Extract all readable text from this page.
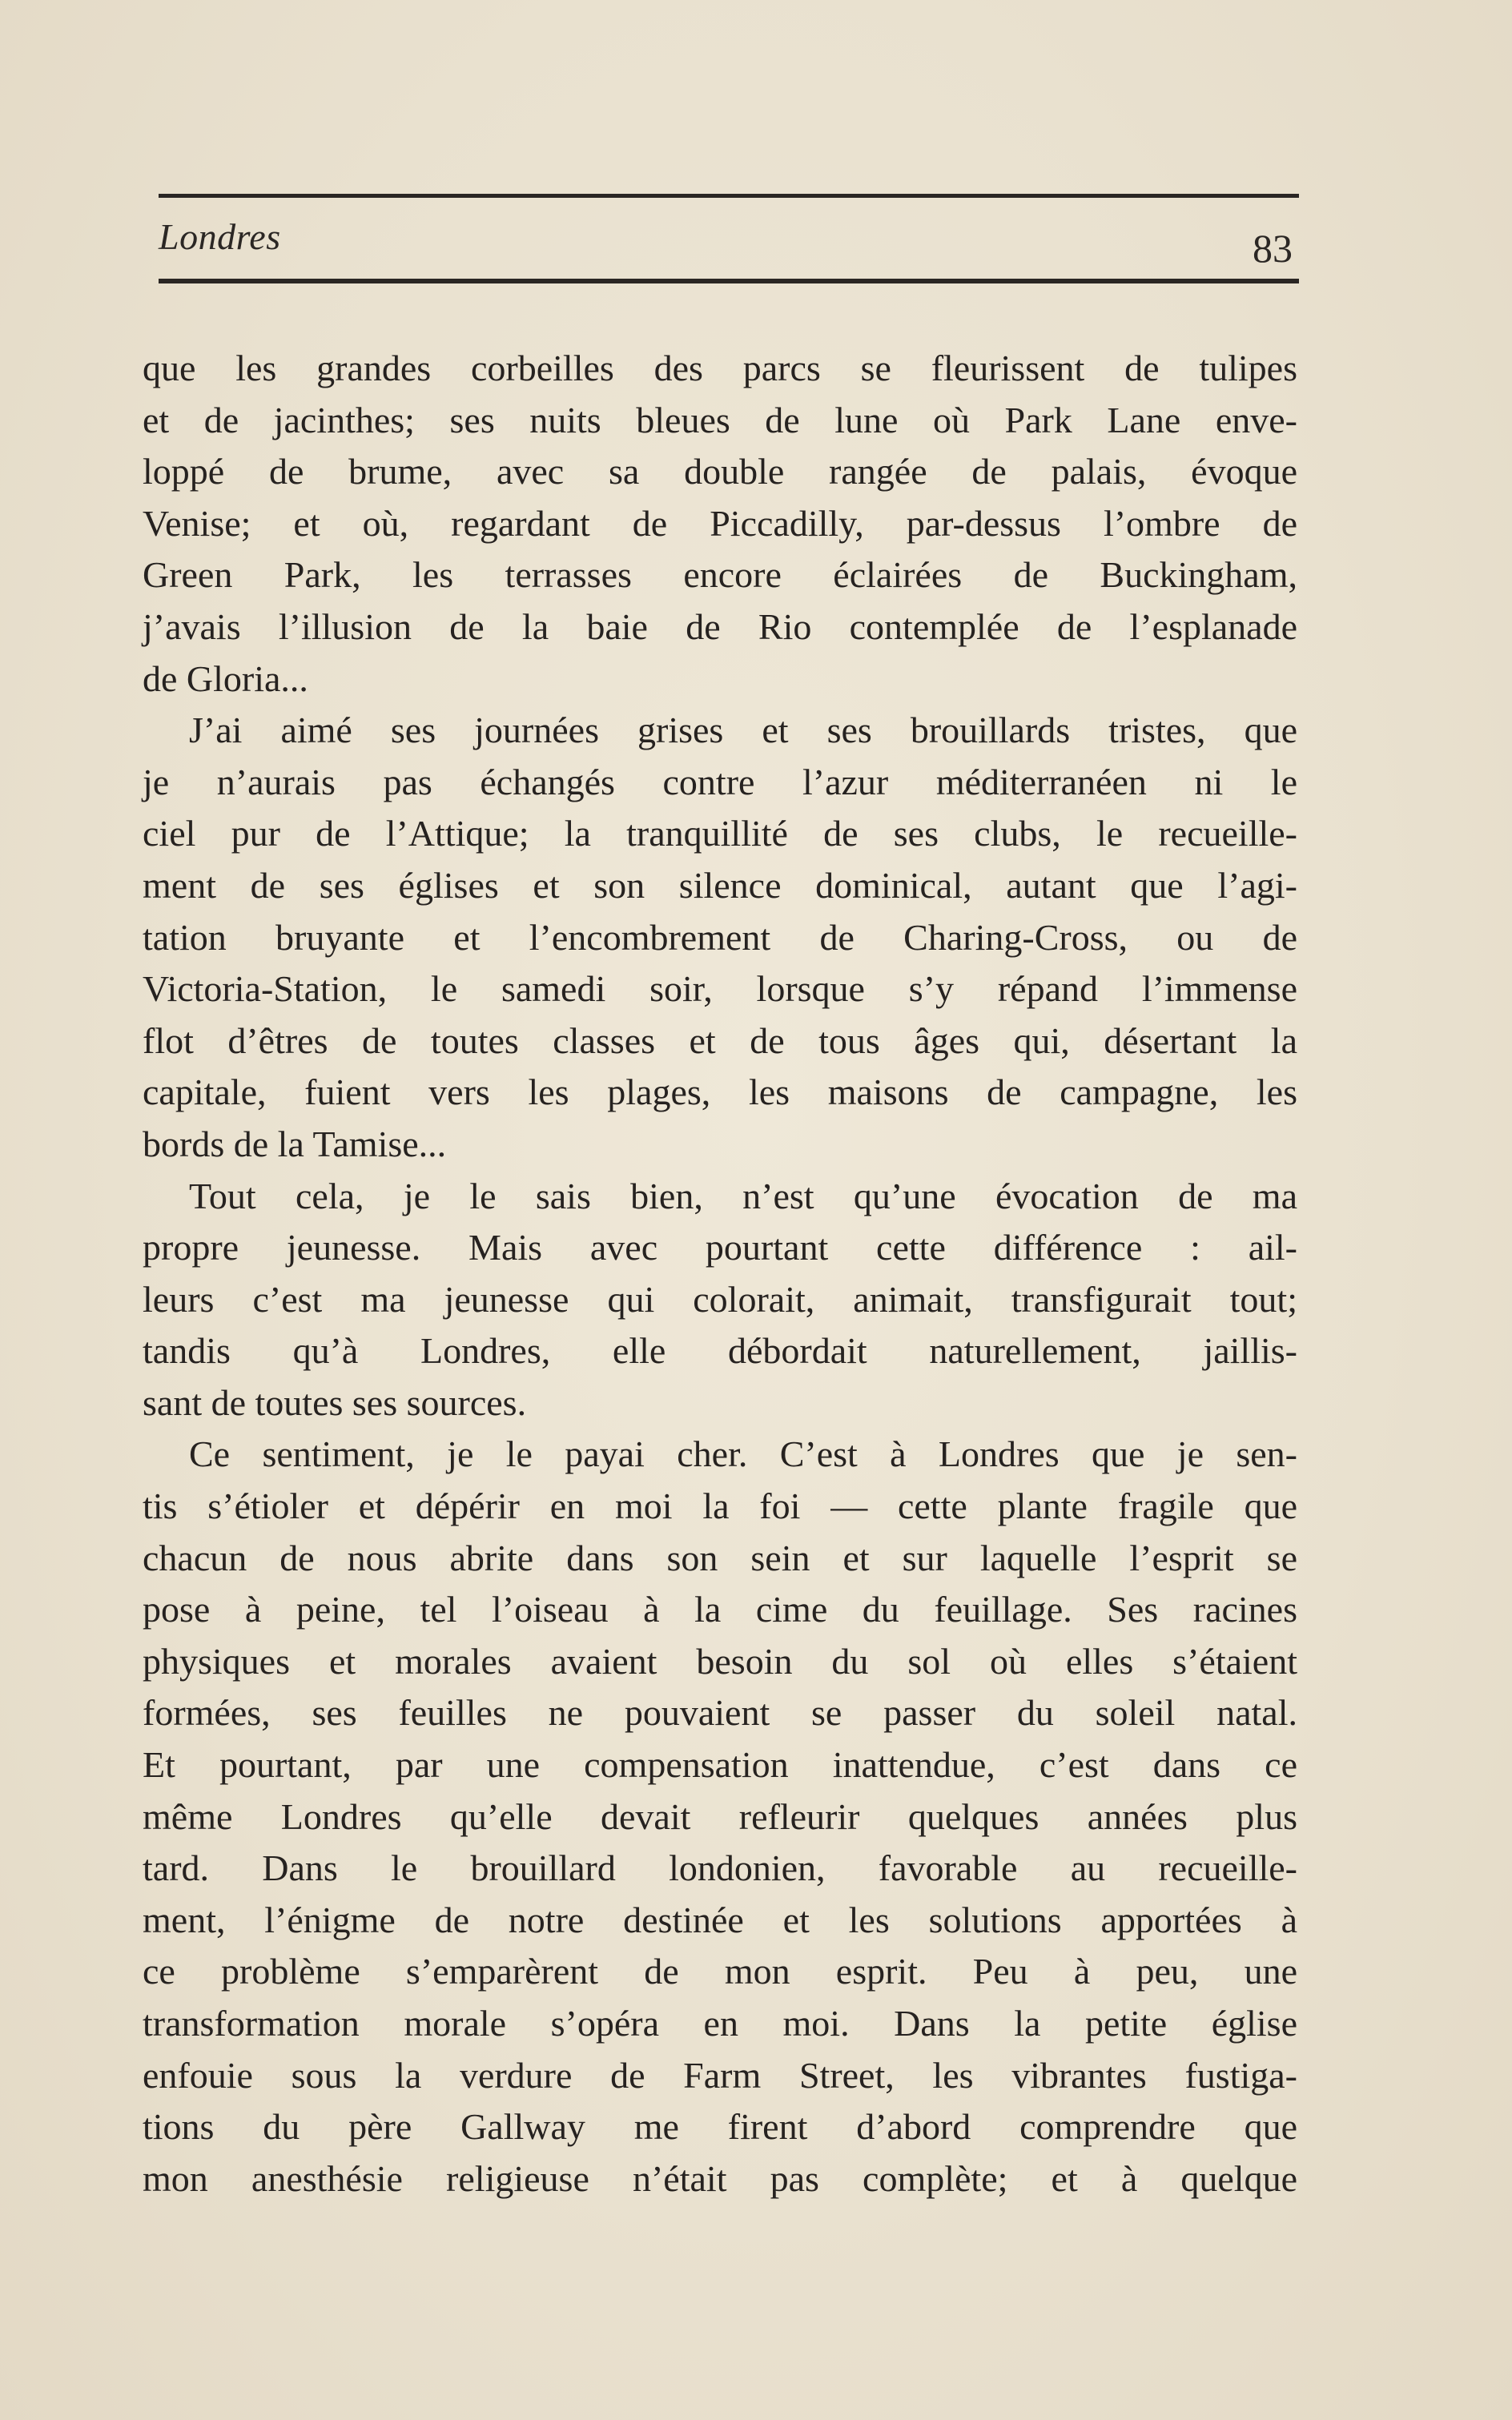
Londres	83
que les grandes corbeilles des parcs se fleurissent de tulipes
et de jacinthes; ses nuits bleues de lune où Park Lane enve-
loppé de brume, avec sa double rangée de palais, évoque
Venise; et où, regardant de Piccadilly, par-dessus l’ombre de
Green Park, les terrasses encore éclairées de Buckingham,
j’avais l’illusion de la baie de Rio contemplée de l’esplanade
de Gloria...
J’ai aimé ses journées grises et ses brouillards tristes, que
je n’aurais pas échangés contre l’azur méditerranéen ni le
ciel pur de l’Attique; la tranquillité de ses clubs, le recueille-
ment de ses églises et son silence dominical, autant que l’agi-
tation bruyante et l’encombrement de Charing-Cross, ou de
Victoria-Station, le samedi soir, lorsque s’y répand l’immense
flot d’êtres de toutes classes et de tous âges qui, désertant la
capitale, fuient vers les plages, les maisons de campagne, les
bords de la Tamise...
Tout cela, je le sais bien, n’est qu’une évocation de ma
propre jeunesse. Mais avec pourtant cette différence : ail-
leurs c’est ma jeunesse qui colorait, animait, transfigurait tout;
tandis qu’à Londres, elle débordait naturellement, jaillis-
sant de toutes ses sources.
Ce sentiment, je le payai cher. C’est à Londres que je sen-
tis s’étioler et dépérir en moi la foi — cette plante fragile que
chacun de nous abrite dans son sein et sur laquelle l’esprit se
pose à peine, tel l’oiseau à la cime du feuillage. Ses racines
physiques et morales avaient besoin du sol où elles s’étaient
formées, ses feuilles ne pouvaient se passer du soleil natal.
Et pourtant, par une compensation inattendue, c’est dans ce
même Londres qu’elle devait refleurir quelques années plus
tard. Dans le brouillard londonien, favorable au recueille-
ment, l’énigme de notre destinée et les solutions apportées à
ce problème s’emparèrent de mon esprit. Peu à peu, une
transformation morale s’opéra en moi. Dans la petite église
enfouie sous la verdure de Farm Street, les vibrantes fustiga-
tions du père Gallway me firent d’abord comprendre que
mon anesthésie religieuse n’était pas complète; et à quelque
